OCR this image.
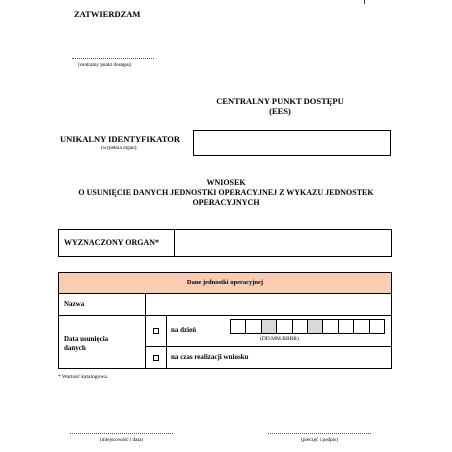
ZATWIERDZAM
(centralny punkt dostępu)
CENTRALNY PUNKT DOSTĘPU
(EES)
UNIKALNY IDENTYFIKATOR
(wypełnia organ)
WNIOSEK
O USUNIĘCIE DANYCH JEDNOSTKI OPERACYJNEJ Z WYKAZU JEDNOSTEK
OPERACYJNYCH
WYZNACZONY ORGAN*
Dane jednostki operacyjnej
Nazwa
Data usunięcia
danych
na dzień
(DD.MM.RRRR)
na czas realizacji wniosku
* Wartość katalogowa.
(miejscowość i data)	(pieczęć i podpis)
